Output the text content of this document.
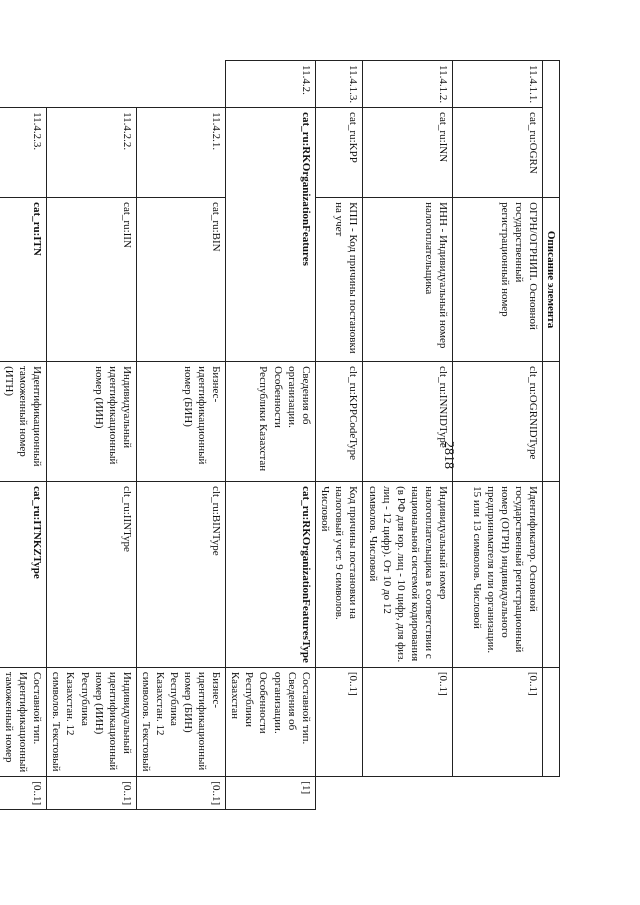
2818
		Описание элемента				
11.4.1.1.	cat_ru:OGRN	ОГРН/ОГРНИП. Основной государственный регистрационный номер	clt_ru:OGRNIDType	Идентификатор. Основной государственный регистрационный номер (ОГРН) индивидуального предпринимателя или организации. 15 или 13 символов. Числовой	[0..1]	
11.4.1.2.	cat_ru:INN	ИНН - Индивидуальный номер налогоплательщика	clt_ru:INNIDType	Индивидуальный номер налогоплательщика в соответствии с национальной системой кодирования (в РФ для юр. лиц - 10 цифр, для физ. лиц - 12 цифр). От 10 до 12 символов. Числовой	[0..1]	
11.4.1.3.	cat_ru:KPP	КПП - Код причины постановки на учет	clt_ru:KPPCodeType	Код причины постановки на налоговый учет. 9 символов. Числовой	[0..1]	
11.4.2.	cat_ru:RKOrganizationFeatures		Сведения об организации. Особенности Республики Казахстан	cat_ru:RKOrganizationFeaturesType	Составной тип. Сведения об организации. Особенности Республики Казахстан	[1]
	11.4.2.1.	cat_ru:BIN	Бизнес-идентификационный номер (БИН)	clt_ru:BINType	Бизнес-идентификационный номер (БИН) Республика Казахстан. 12 символов. Текстовый	[0..1]
	11.4.2.2.	cat_ru:IIN	Индивидуальный идентификационный номер (ИИН)	clt_ru:IINType	Индивидуальный идентификационный номер (ИИН) Республика Казахстан. 12 символов. Текстовый	[0..1]
	11.4.2.3.	cat_ru:ITN	Идентификационный таможенный номер (ИТН)	cat_ru:ITNKZType	Составной тип. Идентификационный таможенный номер	[0..1]
